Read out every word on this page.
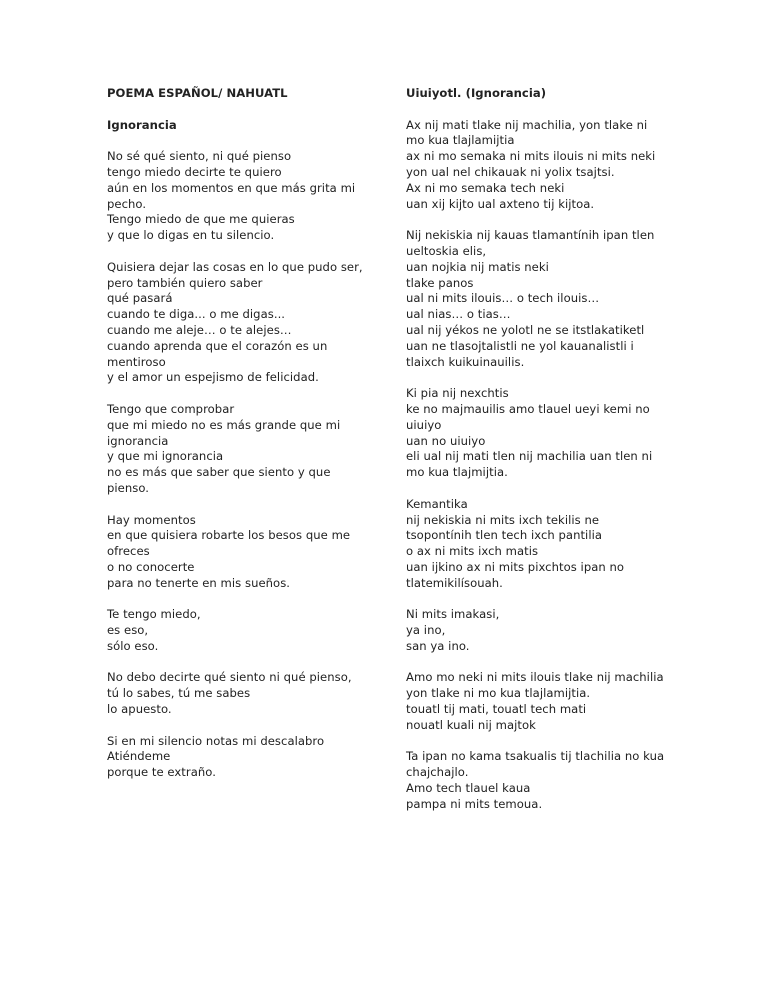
POEMA ESPAÑOL/ NAHUATL
Ignorancia
No sé qué siento, ni qué pienso
tengo miedo decirte te quiero
aún en los momentos en que más grita mi
pecho.
Tengo miedo de que me quieras
y que lo digas en tu silencio.
Quisiera dejar las cosas en lo que pudo ser,
pero también quiero saber
qué pasará
cuando te diga... o me digas...
cuando me aleje… o te alejes…
cuando aprenda que el corazón es un
mentiroso
y el amor un espejismo de felicidad.
Tengo que comprobar
que mi miedo no es más grande que mi
ignorancia
y que mi ignorancia
no es más que saber que siento y que
pienso.
Hay momentos
en que quisiera robarte los besos que me
ofreces
o no conocerte
para no tenerte en mis sueños.
Te tengo miedo,
es eso,
sólo eso.
No debo decirte qué siento ni qué pienso,
tú lo sabes, tú me sabes
lo apuesto.
Si en mi silencio notas mi descalabro
Atiéndeme
porque te extraño.
Uiuiyotl. (Ignorancia)
Ax nij mati tlake nij machilia, yon tlake ni
mo kua tlajlamijtia
ax ni mo semaka ni mits ilouis ni mits neki
yon ual nel chikauak ni yolix tsajtsi.
Ax ni mo semaka tech neki
uan xij kijto ual axteno tij kijtoa.
Nij nekiskia nij kauas tlamantínih ipan tlen
ueltoskia elis,
uan nojkia nij matis neki
tlake panos
ual ni mits ilouis… o tech ilouis…
ual nias… o tias…
ual nij yékos ne yolotl ne se itstlakatiketl
uan ne tlasojtalistli ne yol kauanalistli i
tlaixch kuikuinauilis.
Ki pia nij nexchtis
ke no majmauilis amo tlauel ueyi kemi no
uiuiyo
uan no uiuiyo
eli ual nij mati tlen nij machilia uan tlen ni
mo kua tlajmijtia.
Kemantika
nij nekiskia ni mits ixch tekilis ne
tsopontínih tlen tech ixch pantilia
o ax ni mits ixch matis
uan ijkino ax ni mits pixchtos ipan no
tlatemikilísouah.
Ni mits imakasi,
ya ino,
san ya ino.
Amo mo neki ni mits ilouis tlake nij machilia
yon tlake ni mo kua tlajlamijtia.
touatl tij mati, touatl tech mati
nouatl kuali nij majtok
Ta ipan no kama tsakualis tij tlachilia no kua
chajchajlo.
Amo tech tlauel kaua
pampa ni mits temoua.
